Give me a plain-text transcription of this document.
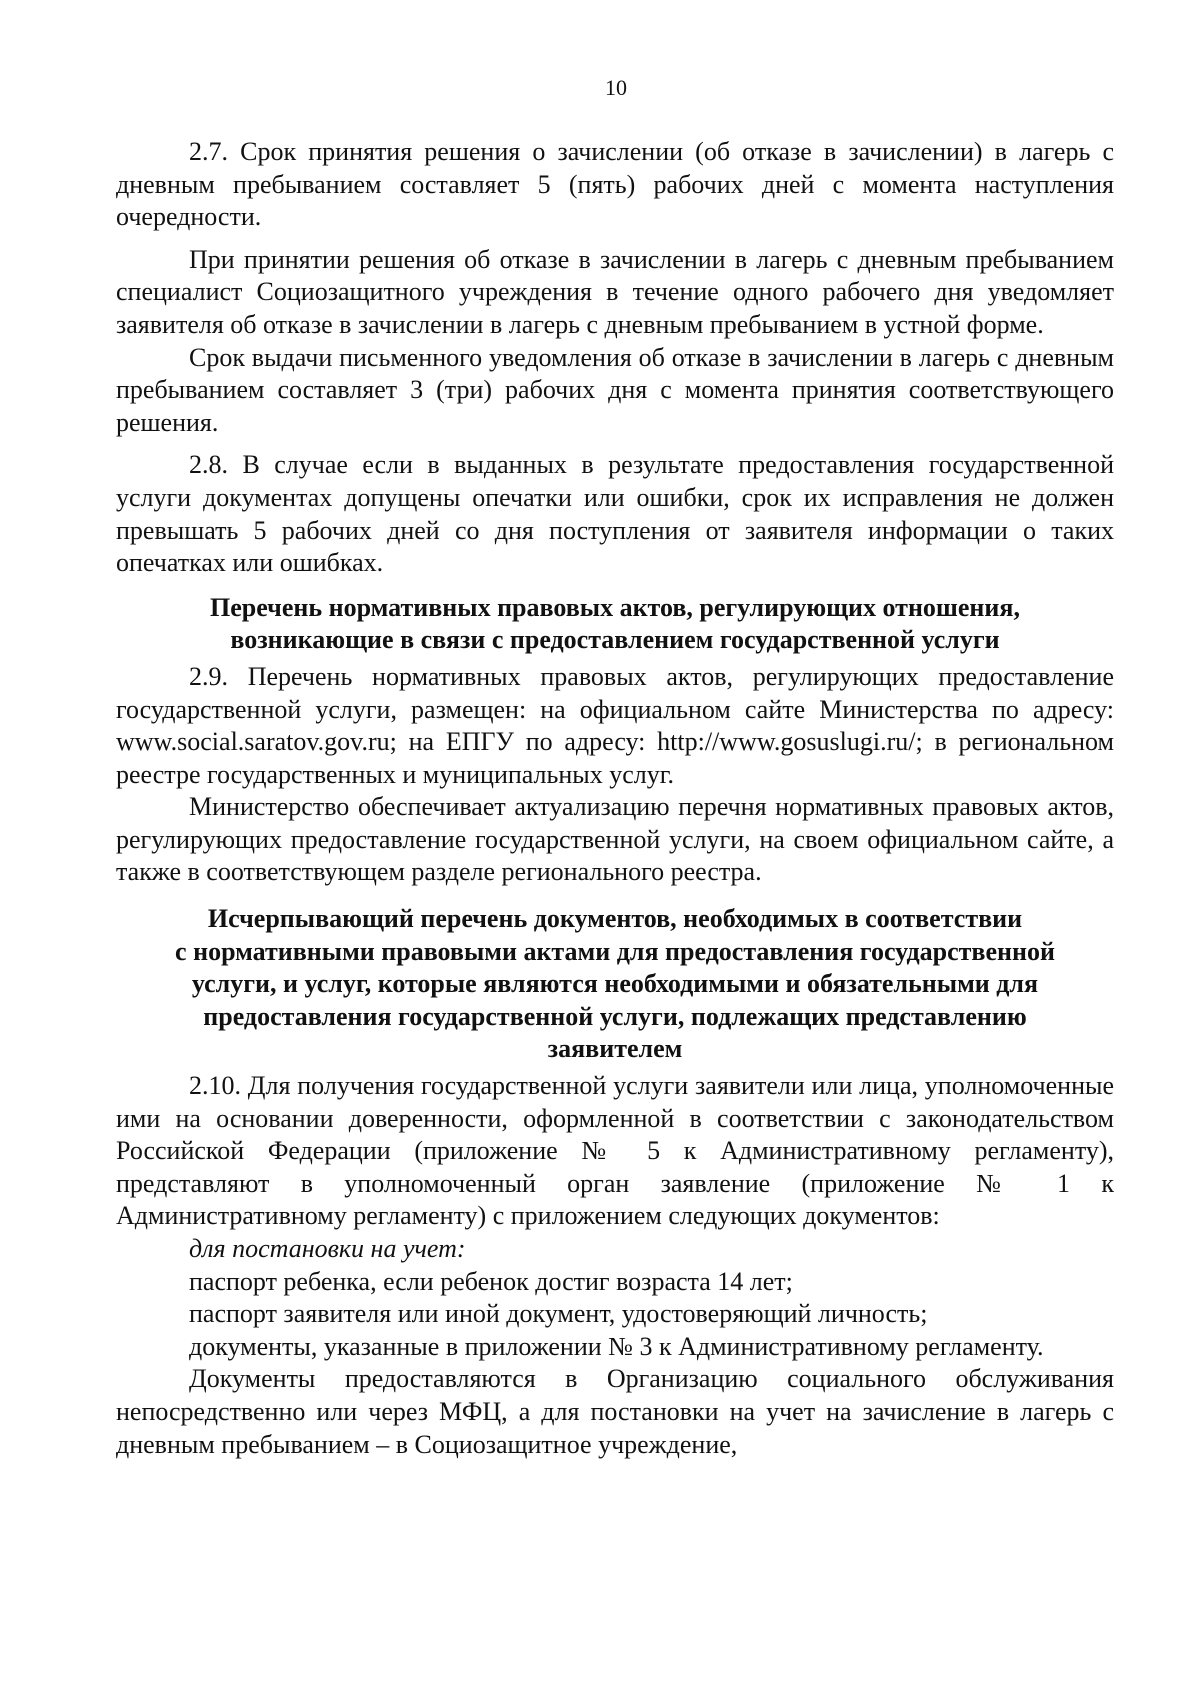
10

2.7. Срок принятия решения о зачислении (об отказе в зачислении) в лагерь с дневным пребыванием составляет 5 (пять) рабочих дней с момента наступления очередности.

При принятии решения об отказе в зачислении в лагерь с дневным пребыванием специалист Социозащитного учреждения в течение одного рабочего дня уведомляет заявителя об отказе в зачислении в лагерь с дневным пребыванием в устной форме.

Срок выдачи письменного уведомления об отказе в зачислении в лагерь с дневным пребыванием составляет 3 (три) рабочих дня с момента принятия соответствующего решения.

2.8. В случае если в выданных в результате предоставления государственной услуги документах допущены опечатки или ошибки, срок их исправления не должен превышать 5 рабочих дней со дня поступления от заявителя информации о таких опечатках или ошибках.

Перечень нормативных правовых актов, регулирующих отношения,
возникающие в связи с предоставлением государственной услуги

2.9. Перечень нормативных правовых актов, регулирующих предоставление государственной услуги, размещен: на официальном сайте Министерства по адресу: www.social.saratov.gov.ru; на ЕПГУ по адресу: http://www.gosuslugi.ru/; в региональном реестре государственных и муниципальных услуг.

Министерство обеспечивает актуализацию перечня нормативных правовых актов, регулирующих предоставление государственной услуги, на своем официальном сайте, а также в соответствующем разделе регионального реестра.

Исчерпывающий перечень документов, необходимых в соответствии
с нормативными правовыми актами для предоставления государственной
услуги, и услуг, которые являются необходимыми и обязательными для
предоставления государственной услуги, подлежащих представлению
заявителем

2.10. Для получения государственной услуги заявители или лица, уполномоченные ими на основании доверенности, оформленной в соответствии с законодательством Российской Федерации (приложение № 5 к Административному регламенту), представляют в уполномоченный орган заявление (приложение № 1 к Административному регламенту) с приложением следующих документов:

для постановки на учет:

паспорт ребенка, если ребенок достиг возраста 14 лет;

паспорт заявителя или иной документ, удостоверяющий личность;

документы, указанные в приложении № 3 к Административному регламенту.

Документы предоставляются в Организацию социального обслуживания непосредственно или через МФЦ, а для постановки на учет на зачисление в лагерь с дневным пребыванием – в Социозащитное учреждение,
